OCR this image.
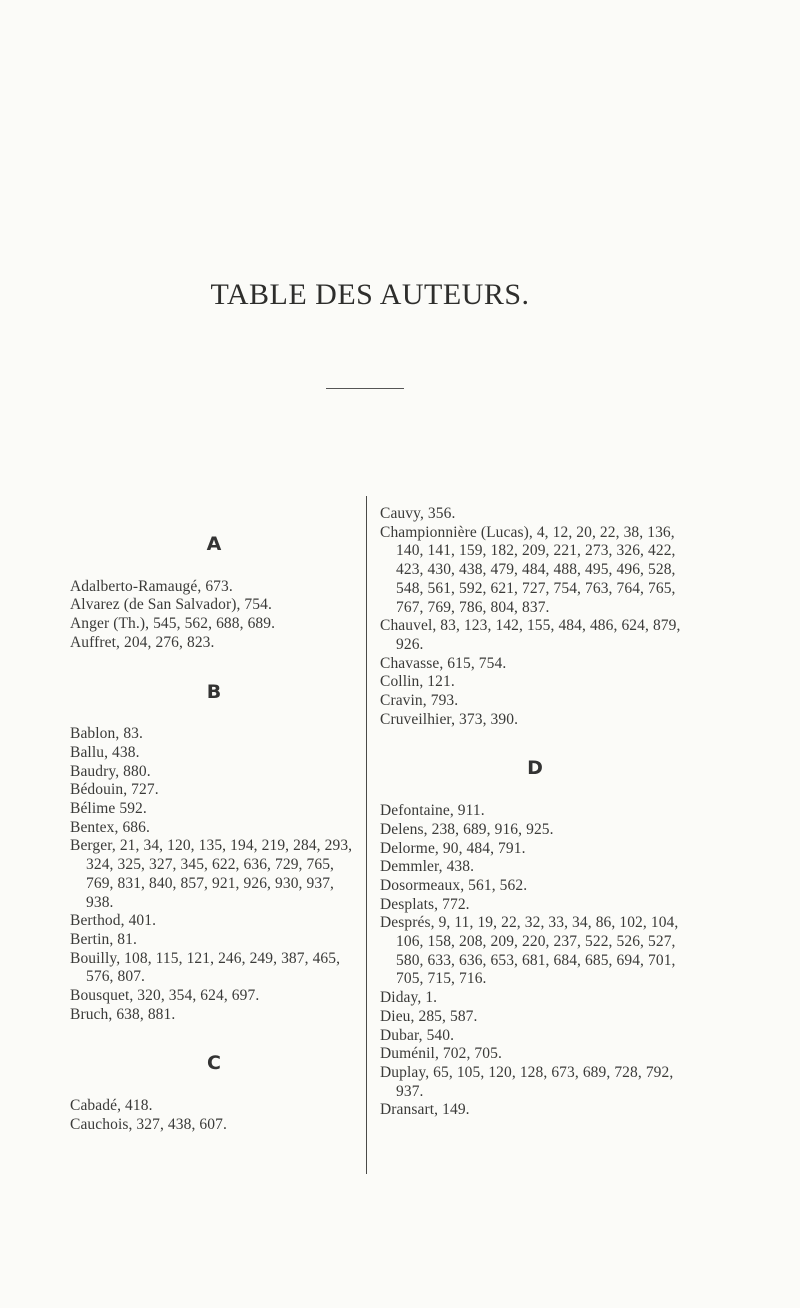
TABLE DES AUTEURS.
A
Adalberto-Ramaugé, 673.
Alvarez (de San Salvador), 754.
Anger (Th.), 545, 562, 688, 689.
Auffret, 204, 276, 823.
B
Bablon, 83.
Ballu, 438.
Baudry, 880.
Bédouin, 727.
Bélime 592.
Bentex, 686.
Berger, 21, 34, 120, 135, 194, 219, 284, 293, 324, 325, 327, 345, 622, 636, 729, 765, 769, 831, 840, 857, 921, 926, 930, 937, 938.
Berthod, 401.
Bertin, 81.
Bouilly, 108, 115, 121, 246, 249, 387, 465, 576, 807.
Bousquet, 320, 354, 624, 697.
Bruch, 638, 881.
C
Cabadé, 418.
Cauchois, 327, 438, 607.
Cauvy, 356.
Championnière (Lucas), 4, 12, 20, 22, 38, 136, 140, 141, 159, 182, 209, 221, 273, 326, 422, 423, 430, 438, 479, 484, 488, 495, 496, 528, 548, 561, 592, 621, 727, 754, 763, 764, 765, 767, 769, 786, 804, 837.
Chauvel, 83, 123, 142, 155, 484, 486, 624, 879, 926.
Chavasse, 615, 754.
Collin, 121.
Cravin, 793.
Cruveilhier, 373, 390.
D
Defontaine, 911.
Delens, 238, 689, 916, 925.
Delorme, 90, 484, 791.
Demmler, 438.
Dosormeaux, 561, 562.
Desplats, 772.
Després, 9, 11, 19, 22, 32, 33, 34, 86, 102, 104, 106, 158, 208, 209, 220, 237, 522, 526, 527, 580, 633, 636, 653, 681, 684, 685, 694, 701, 705, 715, 716.
Diday, 1.
Dieu, 285, 587.
Dubar, 540.
Duménil, 702, 705.
Duplay, 65, 105, 120, 128, 673, 689, 728, 792, 937.
Dransart, 149.
